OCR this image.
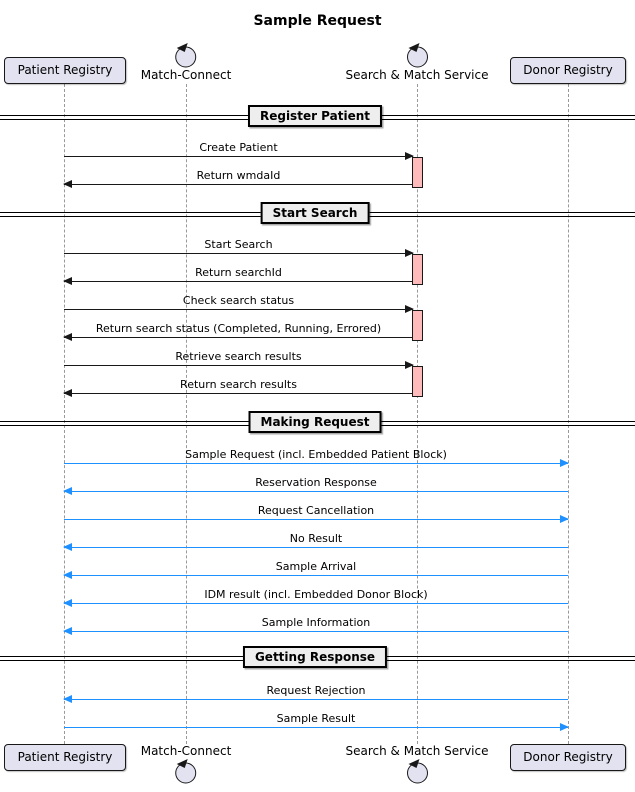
Sample Request
Register Patient
Start Search
Making Request
Getting Response
Create Patient
Return wmdaId
Start Search
Return searchId
Check search status
Return search status (Completed, Running, Errored)
Retrieve search results
Return search results
Sample Request (incl. Embedded Patient Block)
Reservation Response
Request Cancellation
No Result
Sample Arrival
IDM result (incl. Embedded Donor Block)
Sample Information
Request Rejection
Sample Result
Patient Registry	Match-Connect	Search & Match Service	Donor Registry
Patient Registry	Match-Connect	Search & Match Service	Donor Registry
